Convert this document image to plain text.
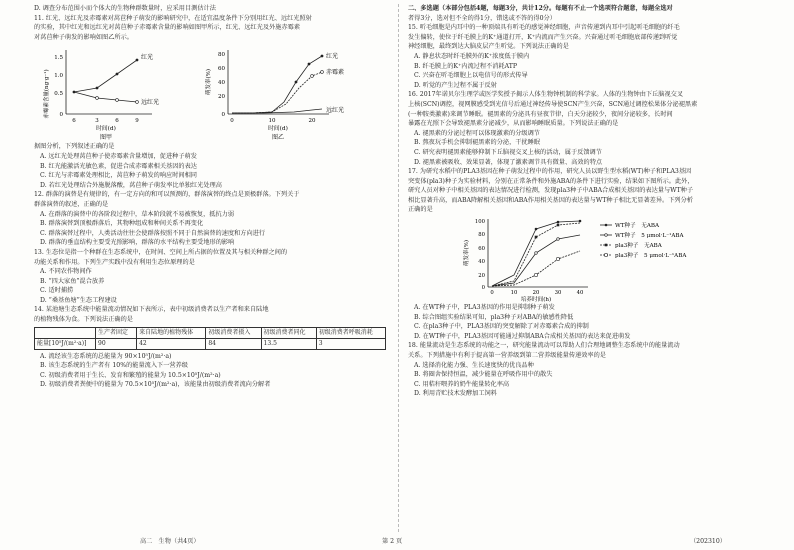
D. 调查分布范围小而个体大的生物种群数量时，应采用目测估计法
11. 红光、远红光及赤霉素对莴苣种子萌发的影响研究中，在适宜温度条件下分别用红光、远红光照射
的实验，其中红光和远红光对莴苣种子赤霉素含量的影响如图甲所示，红光、远红光及外施赤霉素
对莴苣种子萌发的影响如图乙所示。
赤霉素含量(ng·g⁻¹)
1.5
1.0
0.5
0
6	3	6	9
红光
远红光
时间(d)
图甲
萌发率(%)
80
60
40
20
0
0	10	20
红光
赤霉素
远红光
时间(d)
图乙
据图分析，下列叙述正确的是
A. 远红光处理莴苣种子使赤霉素含量增加，促进种子萌发
B. 红光能激活光敏色素，促进合成赤霉素相关基因的表达
C. 红光与赤霉素处理相比，莴苣种子萌发的响应时间相同
D. 若红光处理结合外施脱落酸，莴苣种子萌发率比单独红光处理高
12. 群落的演替是有规律的，有一定方向的和可以预测的，群落演替的终点是顶极群落。下列关于
群落演替的叙述，正确的是
A. 在群落的演替中的各阶段过程中，草本阶段就不易被恢复，抵抗力弱
B. 群落演替到顶极群落后，其物种组成和种间关系不再变化
C. 群落演替过程中，人类活动往往会使群落按照不同于自然演替的速度和方向进行
D. 群落的垂直结构主要受光照影响，群落的水平结构主要受地形的影响
13. 生态位是指一个种群在生态系统中，在时间、空间上所占据的位置及其与相关种群之间的
功能关系和作用。下列生产实践中没有利用生态位原理的是
A. 不同农作物间作
B. “四大家鱼”混合放养
C. 适时捕捞
D. “桑基鱼塘”生态工程建设
14. 某池塘生态系统中能量流动情况如下表所示，表中初级消费者以生产者和来自陆地
的植物残体为食。下列说法正确的是
	生产者固定	来自陆地的植物残体	初级消费者摄入	初级消费者同化	初级消费者呼吸消耗
能量[10⁵J/(m²·a)]	90	42	84	13.5	3
A. 流经该生态系统的总能量为 90×10⁵J/(m²·a)
B. 该生态系统的生产者有 10%的能量流入下一营养级
C. 初级消费者用于生长、发育和繁殖的能量为 10.5×10⁵J/(m²·a)
D. 初级消费者粪便中的能量为 70.5×10⁵J/(m²·a)，该能量由初级消费者流向分解者
二、多选题（本部分包括4题，每题3分，共计12分。每题有不止一个选项符合题意，每题全选对
者得3分，选对但不全的得1分，错选或不答的得0分）
15. 听毛细胞是内耳中的一种顶端具有听毛的感觉神经细胞，声音传递到内耳中引起听毛细胞的纤毛
发生偏转，使位于纤毛膜上的K⁺通道打开，K⁺内流而产生兴奋。兴奋通过听毛细胞底部传递到听觉
神经细胞，最终到达大脑皮层产生听觉。下列说法正确的是
A. 静息状态时纤毛膜外的K⁺浓度低于膜内
B. 纤毛膜上的K⁺内流过程不消耗ATP
C. 兴奋在听毛细胞上以电信号的形式传导
D. 听觉的产生过程不属于反射
16. 2017年诺贝尔生理学或医学奖授予揭示人体生物钟机制的科学家。人体的生物钟由下丘脑视交叉
上核(SCN)调控，视网膜感受到光信号后通过神经传导使SCN产生兴奋，SCN通过调控松果体分泌褪黑素
(一种胺类激素)来调节睡眠。褪黑素的分泌具有昼夜节律，白天分泌较少，夜间分泌较多，长时间
暴露在光照下会导致褪黑素分泌减少，从而影响睡眠质量。下列说法正确的是
A. 褪黑素的分泌过程可以体现激素的分级调节
B. 熬夜玩手机会抑制褪黑素的分泌，干扰睡眠
C. 研究表明褪黑素能够抑制下丘脑视交叉上核的活动，属于反馈调节
D. 褪黑素被吸收、效果显著，体现了激素调节具有微量、高效的特点
17. 为研究水稻中的PLA3基因在种子萌发过程中的作用，研究人员以野生型水稻(WT)种子和PLA3基因
突变体(pla3)种子为实验材料，分别在正常条件和外施ABA的条件下进行实验，结果如下图所示。此外，
研究人员对种子中相关基因的表达情况进行检测，发现pla3种子中ABA合成相关基因的表达量与WT种子
相比显著升高，而ABA降解相关基因和ABA作用相关基因的表达量与WT种子相比无显著差异。下列分析
正确的是
萌发率(%)
100
80
60
40
20
0
0	10	20	30	40
培养时间(h)
WT种子　无ABA
WT种子　5 μmol·L⁻¹ABA
pla3种子　无ABA
pla3种子　5 μmol·L⁻¹ABA
A. 在WT种子中，PLA3基因的作用是抑制种子萌发
B. 综合图组实验结果可知，pla3种子对ABA的敏感性降低
C. 在pla3种子中，PLA3基因的突变解除了对赤霉素合成的抑制
D. 在WT种子中，PLA3基因可能通过抑制ABA合成相关基因的表达来促进萌发
18. 能量流动是生态系统的功能之一，研究能量流动可以帮助人们合理地调整生态系统中的能量流动
关系。下列措施中有利于提高第一营养级到第二营养级能量传递效率的是
A. 选择消化能力强、生长速度快的优良品种
B. 将圈舍保持恒温，减少能量在呼吸作用中的散失
C. 用秸秆喂养的奶牛能量转化率高
D. 利用青贮技术发酵加工饲料
高二　生物（共4页）	第 2 页	（202310）
